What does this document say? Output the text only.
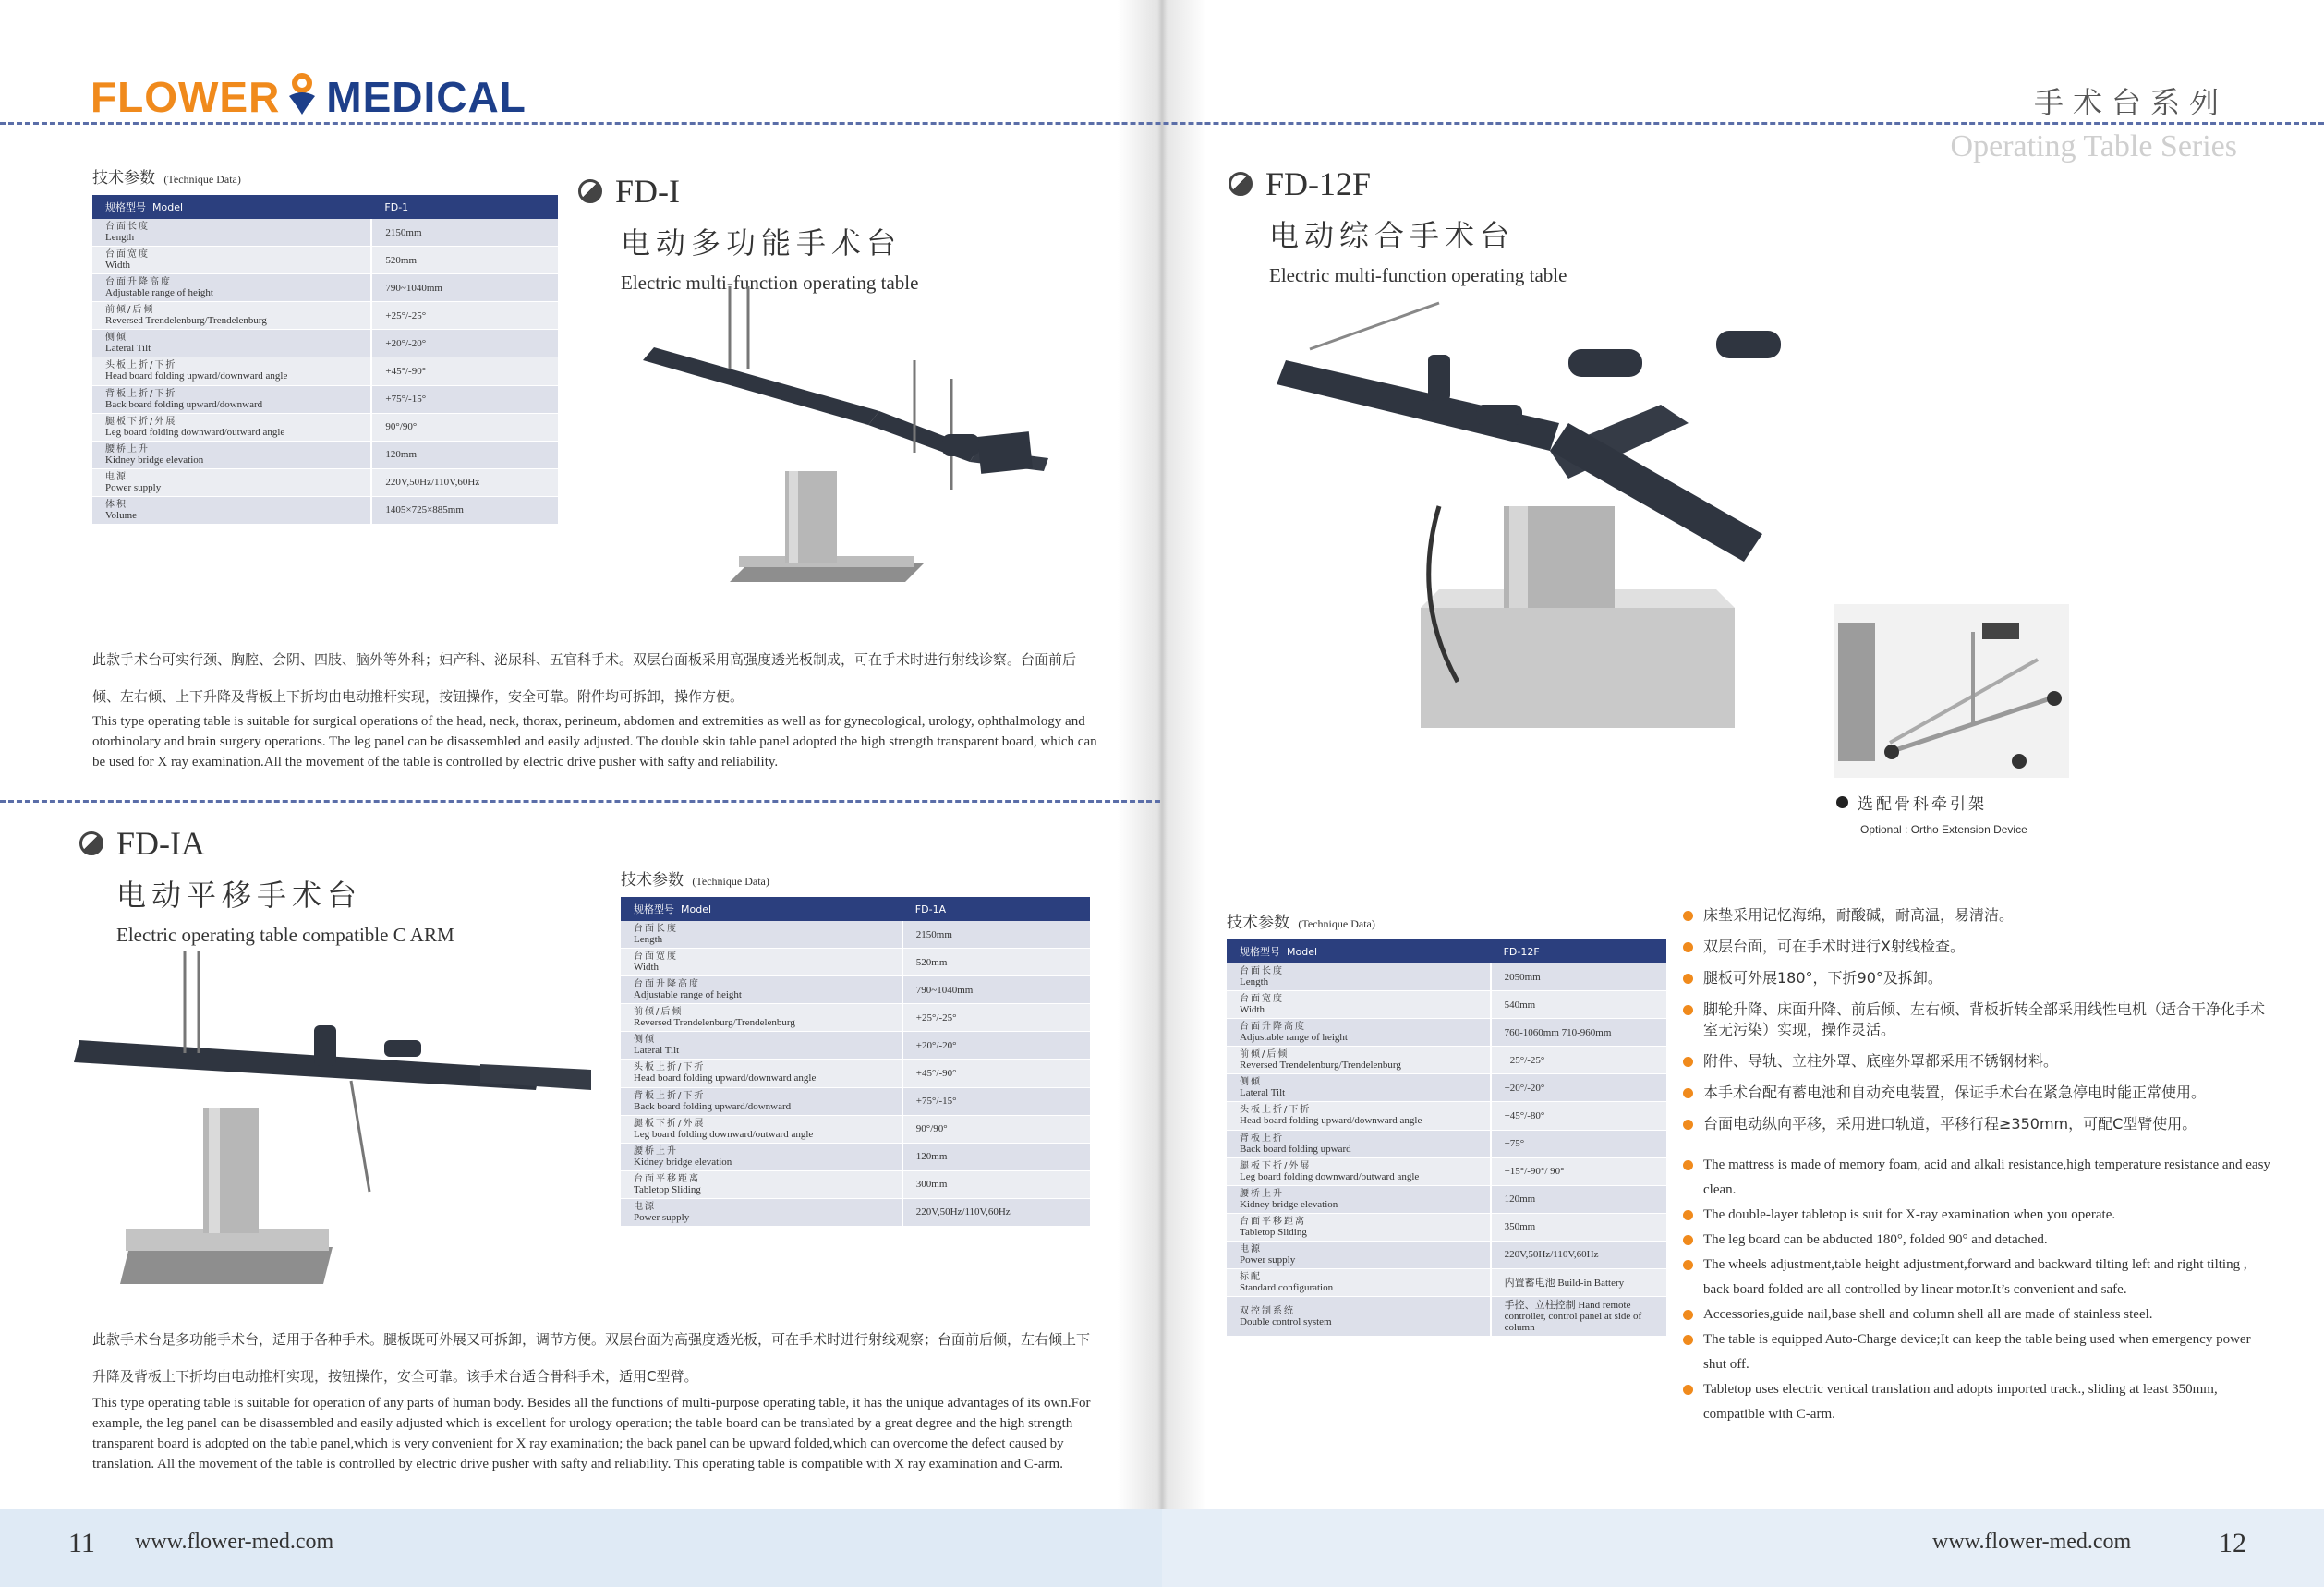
FLOWER MEDICAL	手术台系列
Operating Table Series
技术参数 (Technique Data)
规格型号 Model	FD-1

台面长度
Length	2150mm

台面宽度
Width	520mm

台面升降高度
Adjustable range of height	790~1040mm

前倾/后倾
Reversed Trendelenburg/Trendelenburg	+25°/-25°

侧倾
Lateral Tilt	+20°/-20°

头板上折/下折
Head board folding upward/downward angle	+45°/-90°

背板上折/下折
Back board folding upward/downward	+75°/-15°

腿板下折/外展
Leg board folding downward/outward angle	90°/90°

腰桥上升
Kidney bridge elevation	120mm

电源
Power supply	220V,50Hz/110V,60Hz

体积
Volume	1405×725×885mm
FD-I
电动多功能手术台
Electric multi-function operating table
此款手术台可实行颈、胸腔、会阴、四肢、脑外等外科；妇产科、泌尿科、五官科手术。双层台面板采用高强度透光板制成，可在手术时进行射线诊察。台面前后倾、左右倾、上下升降及背板上下折均由电动推杆实现，按钮操作，安全可靠。附件均可拆卸，操作方便。
This type operating table is suitable for surgical operations of the head, neck, thorax, perineum, abdomen and extremities as well as for gynecological, urology, ophthalmology and otorhinolary and brain surgery operations. The leg panel can be disassembled and easily adjusted. The double skin table panel adopted the high strength transparent board, which can be used for X ray examination.All the movement of the table is controlled by electric drive pusher with safty and reliability.
FD-IA
电动平移手术台
Electric operating table compatible C ARM
技术参数 (Technique Data)
规格型号 Model	FD-1A

台面长度
Length	2150mm

台面宽度
Width	520mm

台面升降高度
Adjustable range of height	790~1040mm

前倾/后倾
Reversed Trendelenburg/Trendelenburg	+25°/-25°

侧倾
Lateral Tilt	+20°/-20°

头板上折/下折
Head board folding upward/downward angle	+45°/-90°

背板上折/下折
Back board folding upward/downward	+75°/-15°

腿板下折/外展
Leg board folding downward/outward angle	90°/90°

腰桥上升
Kidney bridge elevation	120mm

台面平移距离
Tabletop Sliding	300mm

电源
Power supply	220V,50Hz/110V,60Hz
此款手术台是多功能手术台，适用于各种手术。腿板既可外展又可拆卸，调节方便。双层台面为高强度透光板，可在手术时进行射线观察；台面前后倾，左右倾上下升降及背板上下折均由电动推杆实现，按钮操作，安全可靠。该手术台适合骨科手术，适用C型臂。
This type operating table is suitable for operation of any parts of human body. Besides all the functions of multi-purpose operating table, it has the unique advantages of its own.For example, the leg panel can be disassembled and easily adjusted which is excellent for urology operation; the table board can be translated by a great degree and the high strength transparent board is adopted on the table panel,which is very convenient for X ray examination; the back panel can be upward folded,which can overcome the defect caused by translation. All the movement of the table is controlled by electric drive pusher with safty and reliability. This operating table is compatible with X ray examination and C-arm.
FD-12F
电动综合手术台
Electric multi-function operating table
选配骨科牵引架
Optional : Ortho Extension Device
技术参数 (Technique Data)
规格型号 Model	FD-12F

台面长度
Length	2050mm

台面宽度
Width	540mm

台面升降高度
Adjustable range of height	760-1060mm 710-960mm

前倾/后倾
Reversed Trendelenburg/Trendelenburg	+25°/-25°

侧倾
Lateral Tilt	+20°/-20°

头板上折/下折
Head board folding upward/downward angle	+45°/-80°

背板上折
Back board folding upward	+75°

腿板下折/外展
Leg board folding downward/outward angle	+15°/-90°/ 90°

腰桥上升
Kidney bridge elevation	120mm

台面平移距离
Tabletop Sliding	350mm

电源
Power supply	220V,50Hz/110V,60Hz

标配
Standard configuration	内置蓄电池 Build-in Battery

双控制系统
Double control system	手控、立柱控制 Hand remote controller, control panel at side of column
床垫采用记忆海绵，耐酸碱，耐高温，易清洁。
双层台面，可在手术时进行X射线检查。
腿板可外展180°，下折90°及拆卸。
脚轮升降、床面升降、前后倾、左右倾、背板折转全部采用线性电机（适合干净化手术室无污染）实现，操作灵活。
附件、导轨、立柱外罩、底座外罩都采用不锈钢材料。
本手术台配有蓄电池和自动充电装置，保证手术台在紧急停电时能正常使用。
台面电动纵向平移，采用进口轨道，平移行程≥350mm，可配C型臂使用。
The mattress is made of memory foam, acid and alkali resistance,high temperature resistance and easy clean.
The double-layer tabletop is suit for X-ray examination when you operate.
The leg board can be abducted 180°, folded 90° and detached.
The wheels adjustment,table height adjustment,forward and backward tilting left and right tilting , back board folded are all controlled by linear motor.It’s convenient and safe.
Accessories,guide nail,base shell and column shell all are made of stainless steel.
The table is equipped Auto-Charge device;It can keep the table being used when emergency power shut off.
Tabletop uses electric vertical translation and adopts imported track., sliding at least 350mm, compatible with C-arm.
11 www.flower-med.com	www.flower-med.com	12
